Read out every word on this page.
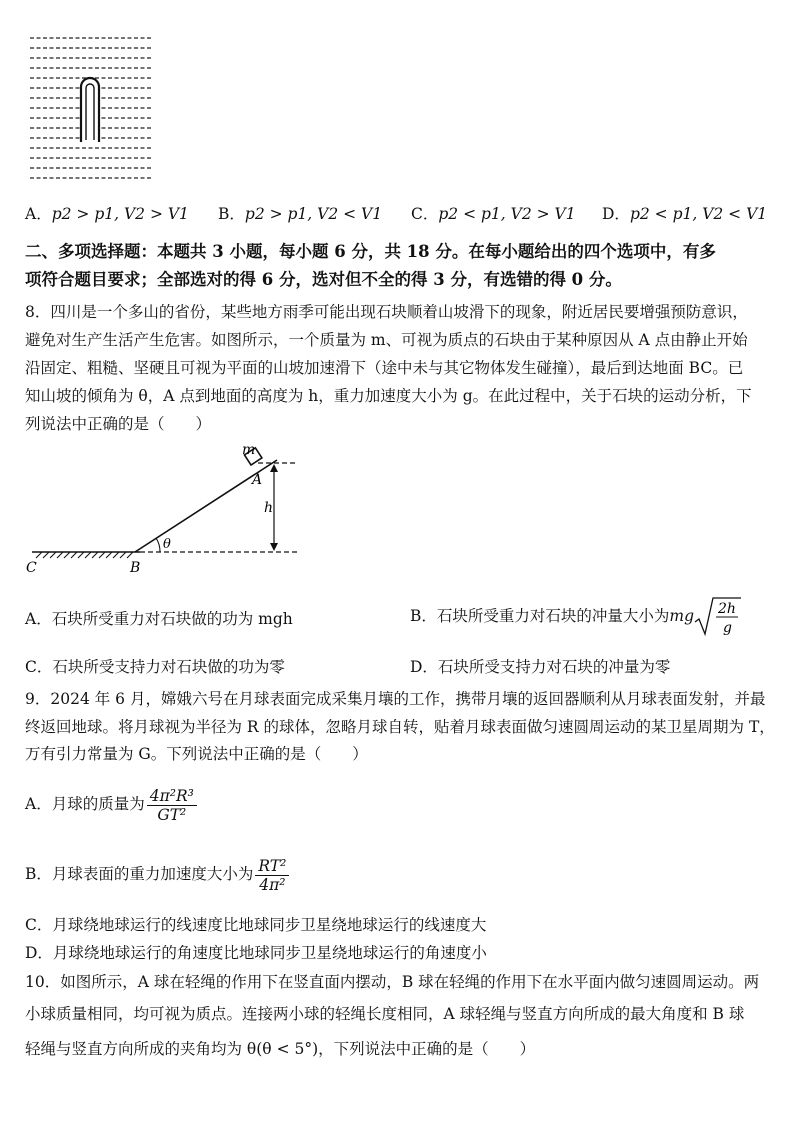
A．p2 > p1, V2 > V1 B．p2 > p1, V2 < V1 C．p2 < p1, V2 > V1 D．p2 < p1, V2 < V1
二、多项选择题：本题共 3 小题，每小题 6 分，共 18 分。在每小题给出的四个选项中，有多
项符合题目要求；全部选对的得 6 分，选对但不全的得 3 分，有选错的得 0 分。
8．四川是一个多山的省份，某些地方雨季可能出现石块顺着山坡滑下的现象，附近居民要增强预防意识，
避免对生产生活产生危害。如图所示，一个质量为 m、可视为质点的石块由于某种原因从 A 点由静止开始
沿固定、粗糙、坚硬且可视为平面的山坡加速滑下（途中未与其它物体发生碰撞），最后到达地面 BC。已
知山坡的倾角为 θ，A 点到地面的高度为 h，重力加速度大小为 g。在此过程中，关于石块的运动分析，下
列说法中正确的是（　　）
m
A
h
θ
B
C
A．石块所受重力对石块做的功为 mgh	B．石块所受重力对石块的冲量大小为mg 2h
g
C．石块所受支持力对石块做的功为零	D．石块所受支持力对石块的冲量为零
9．2024 年 6 月，嫦娥六号在月球表面完成采集月壤的工作，携带月壤的返回器顺利从月球表面发射，并最
终返回地球。将月球视为半径为 R 的球体，忽略月球自转，贴着月球表面做匀速圆周运动的某卫星周期为 T，
万有引力常量为 G。下列说法中正确的是（　　）
A．月球的质量为 $\frac{\text{4π²R³}}{\text{GT²}}$
B．月球表面的重力加速度大小为 $\frac{\text{RT²}}{\text{4π²}}$
C．月球绕地球运行的线速度比地球同步卫星绕地球运行的线速度大
D．月球绕地球运行的角速度比地球同步卫星绕地球运行的角速度小
10．如图所示，A 球在轻绳的作用下在竖直面内摆动，B 球在轻绳的作用下在水平面内做匀速圆周运动。两
小球质量相同，均可视为质点。连接两小球的轻绳长度相同，A 球轻绳与竖直方向所成的最大角度和 B 球
轻绳与竖直方向所成的夹角均为 θ(θ < 5°)，下列说法中正确的是（　　）
